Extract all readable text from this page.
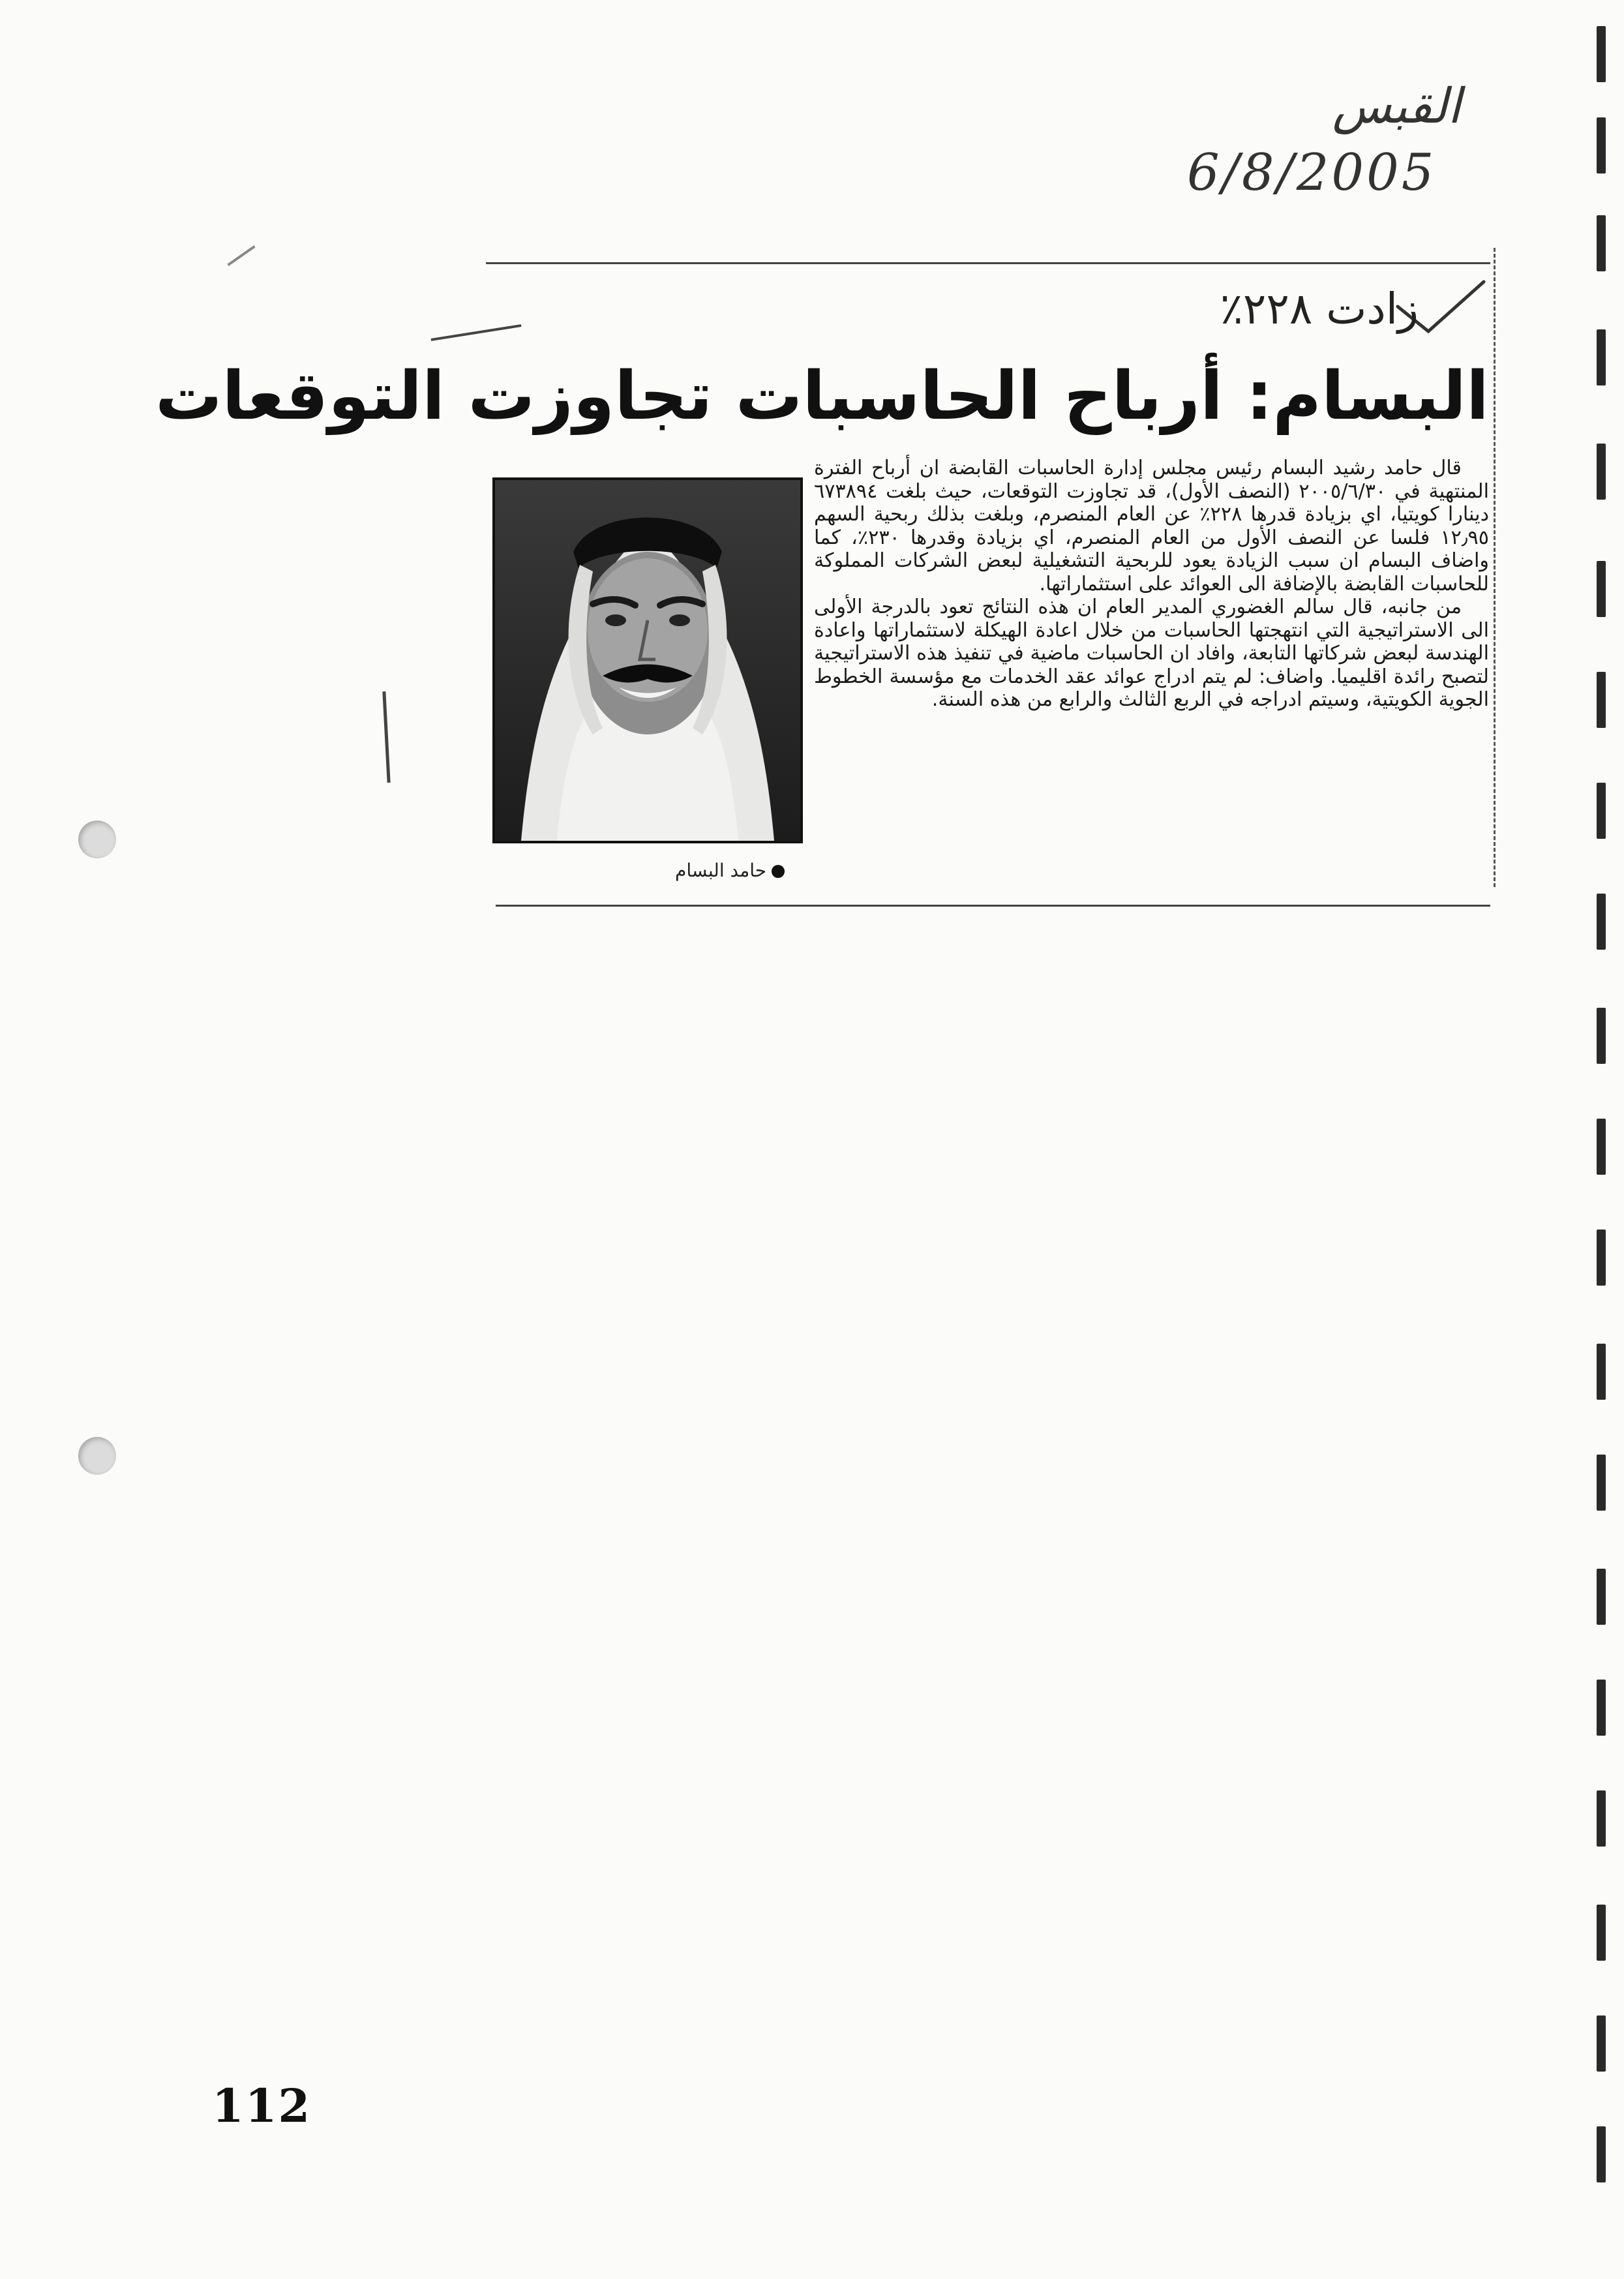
القبس
6/8/2005
زادت ٢٢٨٪
البسام: أرباح الحاسبات تجاوزت التوقعات
حامد البسام

قال حامد رشيد البسام رئيس مجلس إدارة الحاسبات القابضة ان أرباح الفترة المنتهية في ٢٠٠٥/٦/٣٠ (النصف الأول)، قد تجاوزت التوقعات، حيث بلغت ٦٧٣٨٩٤ دينارا كويتيا، اي بزيادة قدرها ٢٢٨٪ عن العام المنصرم، وبلغت بذلك ربحية السهم ١٢٫٩٥ فلسا عن النصف الأول من العام المنصرم، اي بزيادة وقدرها ٢٣٠٪، كما واضاف البسام ان سبب الزيادة يعود للربحية التشغيلية لبعض الشركات المملوكة للحاسبات القابضة بالإضافة الى العوائد على استثماراتها.

من جانبه، قال سالم الغضوري المدير العام ان هذه النتائج تعود بالدرجة الأولى الى الاستراتيجية التي انتهجتها الحاسبات من خلال اعادة الهيكلة لاستثماراتها واعادة الهندسة لبعض شركاتها التابعة، وافاد ان الحاسبات ماضية في تنفيذ هذه الاستراتيجية لتصبح رائدة اقليميا. واضاف: لم يتم ادراج عوائد عقد الخدمات مع مؤسسة الخطوط الجوية الكويتية، وسيتم ادراجه في الربع الثالث والرابع من هذه السنة.

112
